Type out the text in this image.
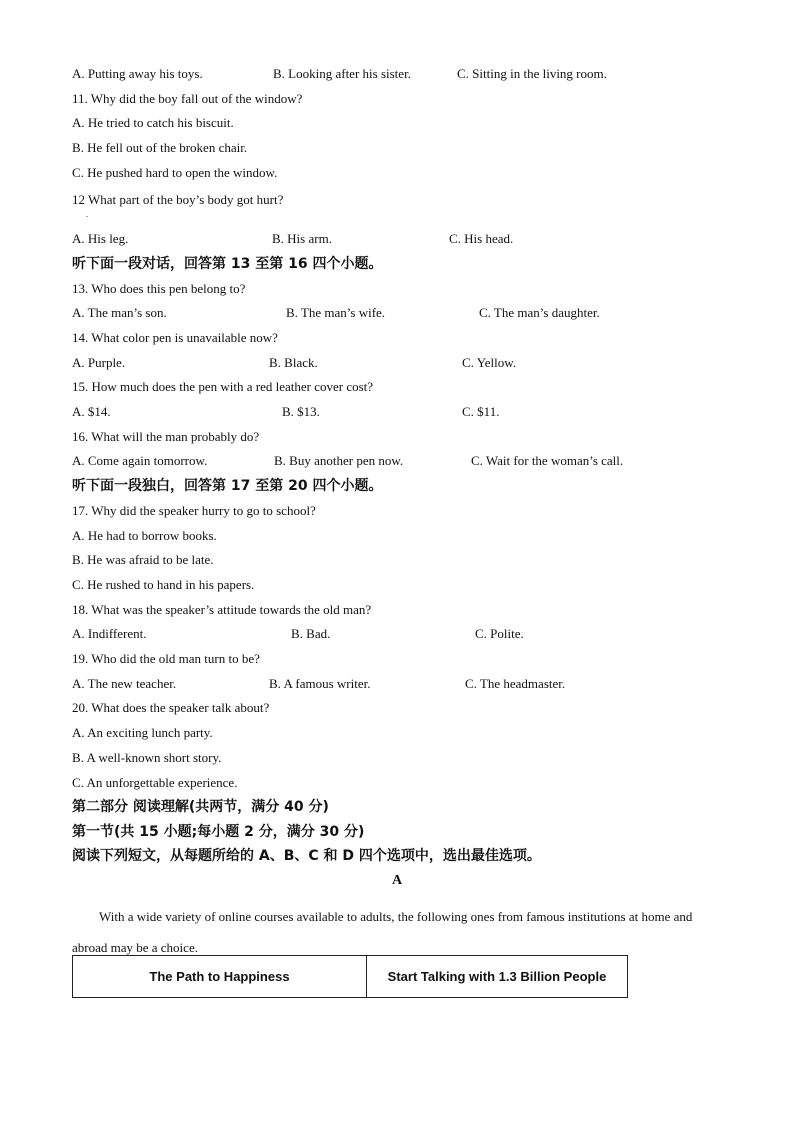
A. Putting away his toys.	B. Looking after his sister.	C. Sitting in the living room.
11. Why did the boy fall out of the window?
A. He tried to catch his biscuit.
B. He fell out of the broken chair.
C. He pushed hard to open the window.
12 What part of the boy’s body got hurt?
.
A. His leg.	B. His arm.	C. His head.
听下面一段对话，回答第 13 至第 16 四个小题。
13. Who does this pen belong to?
A. The man’s son.	B. The man’s wife.	C. The man’s daughter.
14. What color pen is unavailable now?
A. Purple.	B. Black.	C. Yellow.
15. How much does the pen with a red leather cover cost?
A. $14.	B. $13.	C. $11.
16. What will the man probably do?
A. Come again tomorrow.	B. Buy another pen now.	C. Wait for the woman’s call.
听下面一段独白，回答第 17 至第 20 四个小题。
17. Why did the speaker hurry to go to school?
A. He had to borrow books.
B. He was afraid to be late.
C. He rushed to hand in his papers.
18. What was the speaker’s attitude towards the old man?
A. Indifferent.	B. Bad.	C. Polite.
19. Who did the old man turn to be?
A. The new teacher.	B. A famous writer.	C. The headmaster.
20. What does the speaker talk about?
A. An exciting lunch party.
B. A well-known short story.
C. An unforgettable experience.
第二部分 阅读理解(共两节，满分 40 分)
第一节(共 15 小题;每小题 2 分，满分 30 分)
阅读下列短文，从每题所给的 A、B、C 和 D 四个选项中，选出最佳选项。
A
With a wide variety of online courses available to adults, the following ones from famous institutions at home and abroad may be a choice.
The Path to Happiness	Start Talking with 1.3 Billion People
